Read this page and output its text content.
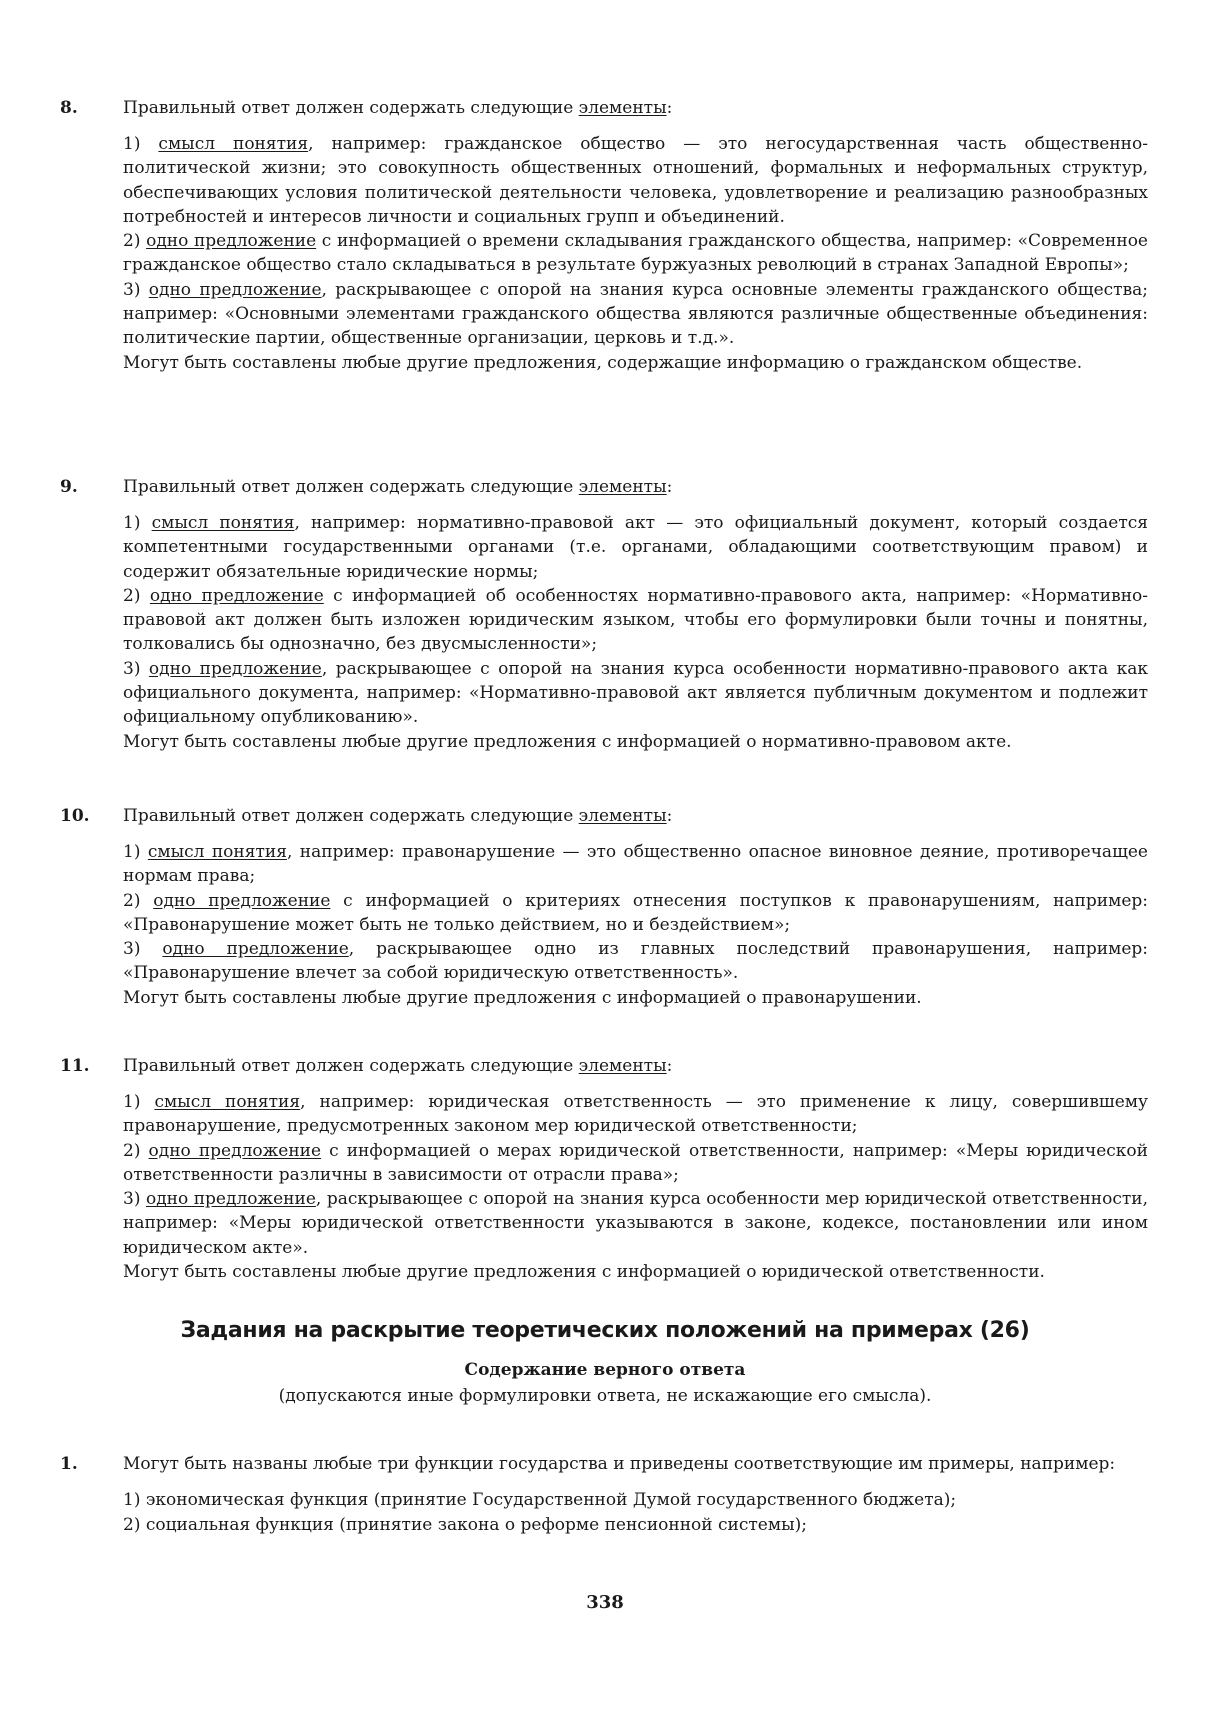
8.	Правильный ответ должен содержать следующие элементы:

1) смысл понятия, например: гражданское общество — это негосударственная часть общественно-политической жизни; это совокупность общественных отношений, формальных и неформальных структур, обеспечивающих условия политической деятельности человека, удовлетворение и реализацию разнообразных потребностей и интересов личности и социальных групп и объединений.

2) одно предложение с информацией о времени складывания гражданского общества, например: «Современное гражданское общество стало складываться в результате буржуазных революций в странах Западной Европы»;

3) одно предложение, раскрывающее с опорой на знания курса основные элементы гражданского общества; например: «Основными элементами гражданского общества являются различные общественные объединения: политические партии, общественные организации, церковь и т.д.».

Могут быть составлены любые другие предложения, содержащие информацию о гражданском обществе.

9.	Правильный ответ должен содержать следующие элементы:

1) смысл понятия, например: нормативно-правовой акт — это официальный документ, который создается компетентными государственными органами (т.е. органами, обладающими соответствующим правом) и содержит обязательные юридические нормы;

2) одно предложение с информацией об особенностях нормативно-правового акта, например: «Нормативно-правовой акт должен быть изложен юридическим языком, чтобы его формулировки были точны и понятны, толковались бы однозначно, без двусмысленности»;

3) одно предложение, раскрывающее с опорой на знания курса особенности нормативно-правового акта как официального документа, например: «Нормативно-правовой акт является публичным документом и подлежит официальному опубликованию».

Могут быть составлены любые другие предложения с информацией о нормативно-правовом акте.

10. Правильный ответ должен содержать следующие элементы:

1) смысл понятия, например: правонарушение — это общественно опасное виновное деяние, противоречащее нормам права;

2) одно предложение с информацией о критериях отнесения поступков к правонарушениям, например: «Правонарушение может быть не только действием, но и бездействием»;

3) одно предложение, раскрывающее одно из главных последствий правонарушения, например: «Правонарушение влечет за собой юридическую ответственность».

Могут быть составлены любые другие предложения с информацией о правонарушении.

11. Правильный ответ должен содержать следующие элементы:

1) смысл понятия, например: юридическая ответственность — это применение к лицу, совершившему правонарушение, предусмотренных законом мер юридической ответственности;

2) одно предложение с информацией о мерах юридической ответственности, например: «Меры юридической ответственности различны в зависимости от отрасли права»;

3) одно предложение, раскрывающее с опорой на знания курса особенности мер юридической ответственности, например: «Меры юридической ответственности указываются в законе, кодексе, постановлении или ином юридическом акте».

Могут быть составлены любые другие предложения с информацией о юридической ответственности.

Задания на раскрытие теоретических положений на примерах (26)
Содержание верного ответа
(допускаются иные формулировки ответа, не искажающие его смысла).
1.	Могут быть названы любые три функции государства и приведены соответствующие им примеры, например:

1) экономическая функция (принятие Государственной Думой государственного бюджета);

2) социальная функция (принятие закона о реформе пенсионной системы);

338
